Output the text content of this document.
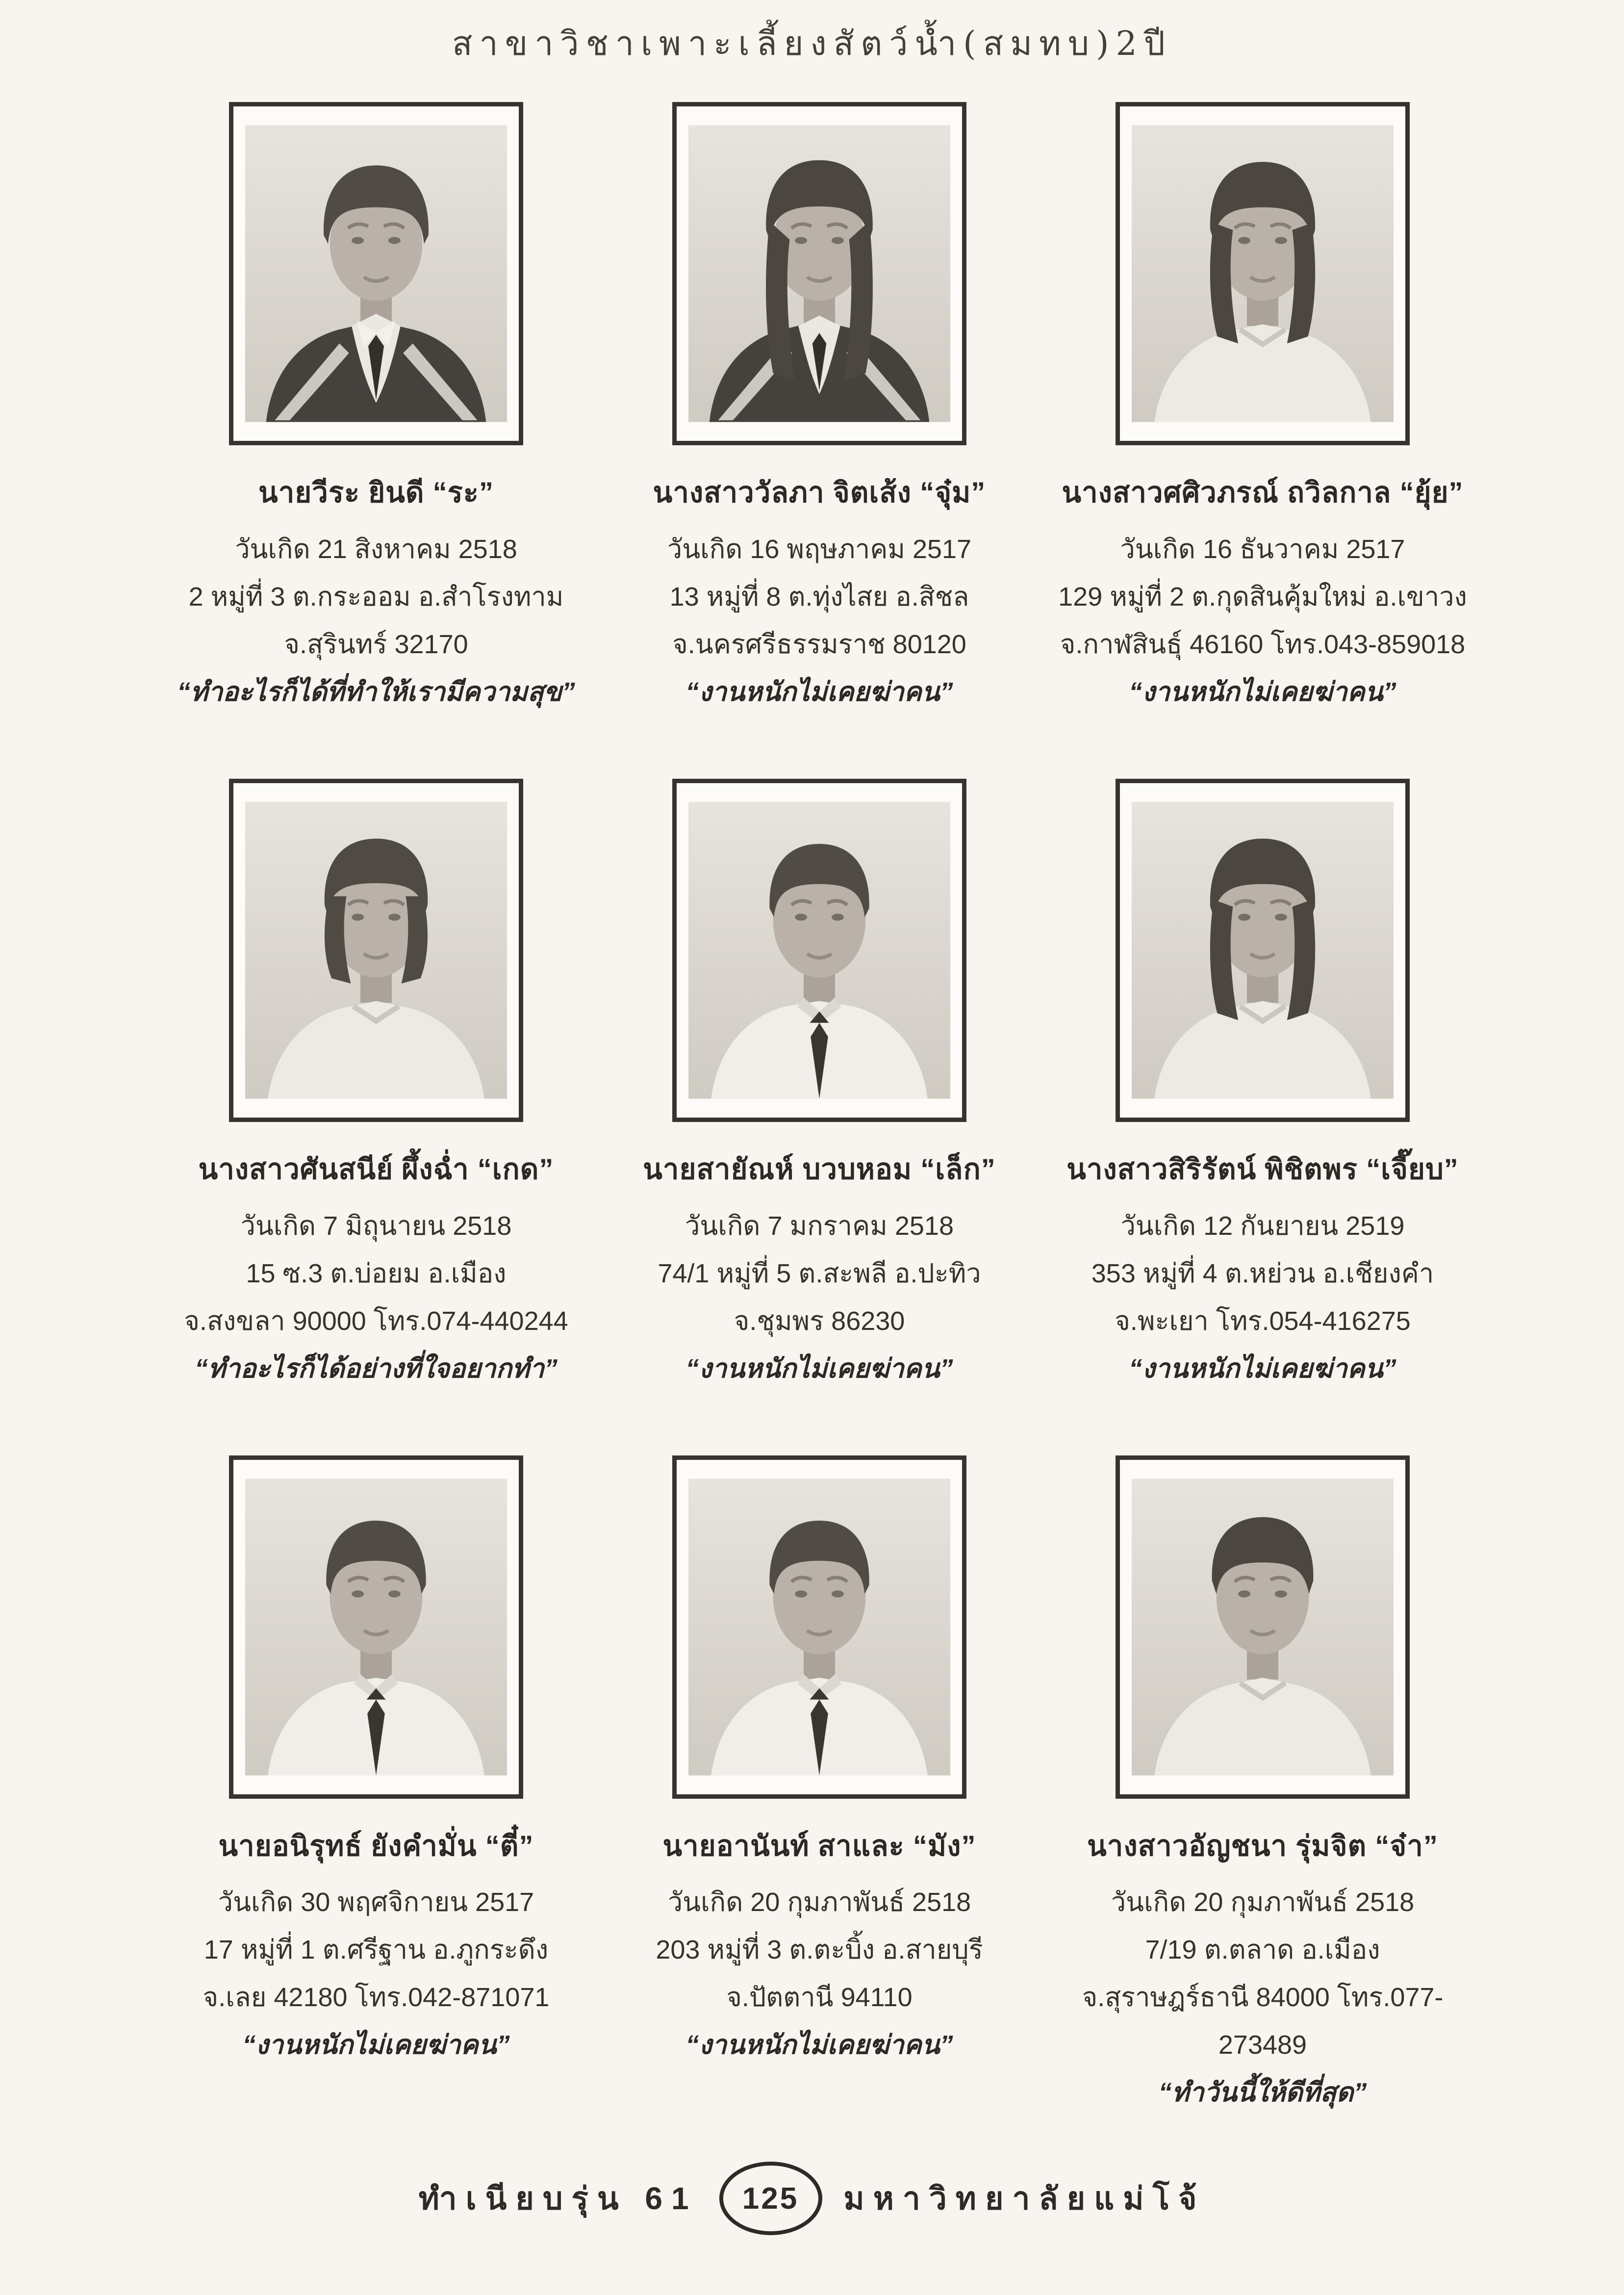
สาขาวิชาเพาะเลี้ยงสัตว์น้ำ(สมทบ)2ปี

นายวีระ ยินดี “ระ”

วันเกิด 21 สิงหาคม 2518

2 หมู่ที่ 3 ต.กระออม อ.สำโรงทาม

จ.สุรินทร์ 32170

“ทำอะไรก็ได้ที่ทำให้เรามีความสุข”

นางสาววัลภา จิตเส้ง “จุ๋ม”

วันเกิด 16 พฤษภาคม 2517

13 หมู่ที่ 8 ต.ทุ่งไสย อ.สิชล

จ.นครศรีธรรมราช 80120

“งานหนักไม่เคยฆ่าคน”

นางสาวศศิวภรณ์ ถวิลกาล “ยุ้ย”

วันเกิด 16 ธันวาคม 2517

129 หมู่ที่ 2 ต.กุดสินคุ้มใหม่ อ.เขาวง

จ.กาฬสินธุ์ 46160 โทร.043-859018

“งานหนักไม่เคยฆ่าคน”

นางสาวศันสนีย์ ผึ้งฉ่ำ “เกด”

วันเกิด 7 มิถุนายน 2518

15 ซ.3 ต.บ่อยม อ.เมือง

จ.สงขลา 90000 โทร.074-440244

“ทำอะไรก็ได้อย่างที่ใจอยากทำ”

นายสายัณห์ บวบหอม “เล็ก”

วันเกิด 7 มกราคม 2518

74/1 หมู่ที่ 5 ต.สะพลี อ.ปะทิว

จ.ชุมพร 86230

“งานหนักไม่เคยฆ่าคน”

นางสาวสิริรัตน์ พิชิตพร “เจี๊ยบ”

วันเกิด 12 กันยายน 2519

353 หมู่ที่ 4 ต.หย่วน อ.เชียงคำ

จ.พะเยา โทร.054-416275

“งานหนักไม่เคยฆ่าคน”

นายอนิรุทธ์ ยังคำมั่น “ตี๋”

วันเกิด 30 พฤศจิกายน 2517

17 หมู่ที่ 1 ต.ศรีฐาน อ.ภูกระดึง

จ.เลย 42180 โทร.042-871071

“งานหนักไม่เคยฆ่าคน”

นายอานันท์ สาและ “มัง”

วันเกิด 20 กุมภาพันธ์ 2518

203 หมู่ที่ 3 ต.ตะบิ้ง อ.สายบุรี

จ.ปัตตานี 94110

“งานหนักไม่เคยฆ่าคน”

นางสาวอัญชนา รุ่มจิต “จ๋า”

วันเกิด 20 กุมภาพันธ์ 2518

7/19 ต.ตลาด อ.เมือง

จ.สุราษฎร์ธานี 84000 โทร.077-273489

“ทำวันนี้ให้ดีที่สุด”

ทำเนียบรุ่น 61	125	มหาวิทยาลัยแม่โจ้
